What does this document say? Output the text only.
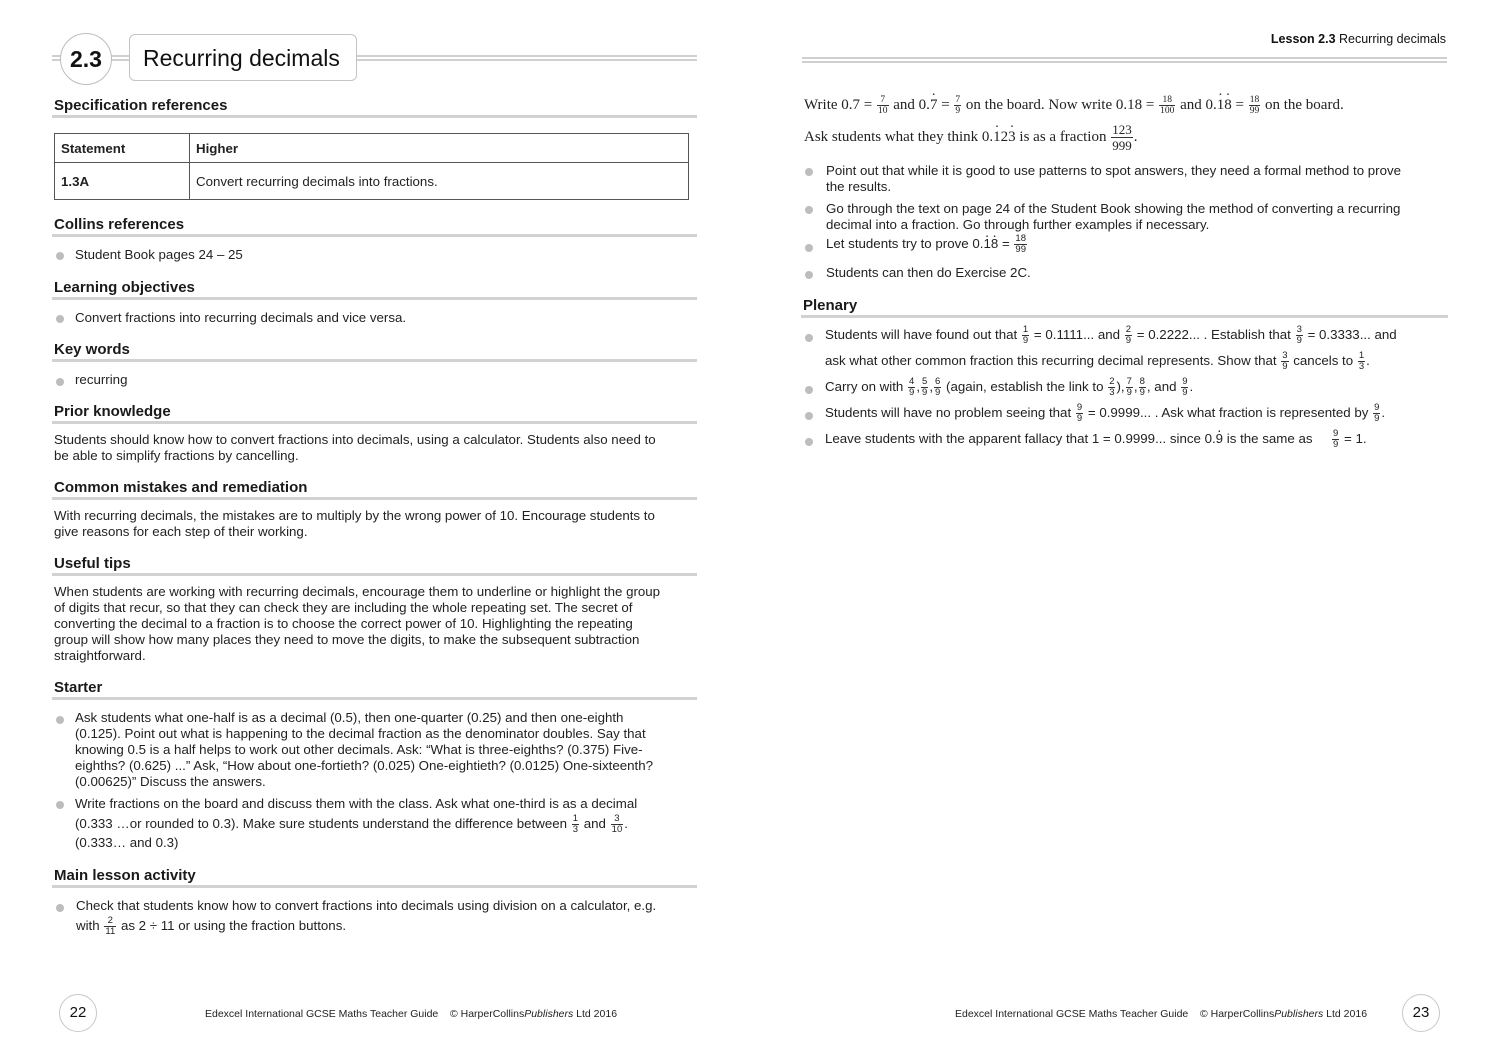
2.3	Recurring decimals
Specification references
Statement	Higher
1.3A	Convert recurring decimals into fractions.
Collins references
Student Book pages 24 – 25
Learning objectives
Convert fractions into recurring decimals and vice versa.
Key words
recurring
Prior knowledge
Students should know how to convert fractions into decimals, using a calculator. Students also need to
be able to simplify fractions by cancelling.
Common mistakes and remediation
With recurring decimals, the mistakes are to multiply by the wrong power of 10. Encourage students to
give reasons for each step of their working.
Useful tips
When students are working with recurring decimals, encourage them to underline or highlight the group
of digits that recur, so that they can check they are including the whole repeating set. The secret of
converting the decimal to a fraction is to choose the correct power of 10. Highlighting the repeating
group will show how many places they need to move the digits, to make the subsequent subtraction
straightforward.
Starter
Ask students what one-half is as a decimal (0.5), then one-quarter (0.25) and then one-eighth
(0.125). Point out what is happening to the decimal fraction as the denominator doubles. Say that
knowing 0.5 is a half helps to work out other decimals. Ask: “What is three-eighths? (0.375) Five-
eighths? (0.625) ...” Ask, “How about one-fortieth? (0.025) One-eightieth? (0.0125) One-sixteenth?
(0.00625)” Discuss the answers.
Write fractions on the board and discuss them with the class. Ask what one-third is as a decimal
(0.333 …or rounded to 0.3). Make sure students understand the difference between $\frac{1}{3}$ and $\frac{3}{10}$ .
(0.333… and 0.3)
Main lesson activity
Check that students know how to convert fractions into decimals using division on a calculator, e.g.
with $\frac{2}{11}$ as 2 ÷ 11 or using the fraction buttons.
22	Edexcel International GCSE Maths Teacher Guide © HarperCollinsPublishers Ltd 2016
Lesson 2.3 Recurring decimals
Write $0.7 = \frac{7}{10}$ and 0.7 · = $\frac{7}{9}$ on the board. Now write $0.18 = \frac{18}{100}$ and 0.1 ·8 · = $\frac{18}{99}$ on the board.
Ask students what they think 0.1 ·23 · is as a fraction $\frac{123}{999}$ .
Point out that while it is good to use patterns to spot answers, they need a formal method to prove
the results.
Go through the text on page 24 of the Student Book showing the method of converting a recurring
decimal into a fraction. Go through further examples if necessary.
Let students try to prove 0.1 ·8 · = $\frac{18}{99}$
Students can then do Exercise 2C.
Plenary
Students will have found out that $\frac{1}{9} = 0.1111$... and $\frac{2}{9} = 0.2222$... . Establish that $\frac{3}{9} = 0.3333$... and
ask what other common fraction this recurring decimal represents. Show that $\frac{3}{9}$ cancels to $\frac{1}{3}$ .
Carry on with $\frac{4}{9}$ , $\frac{5}{9}$ , $\frac{6}{9}$ (again, establish the link to $\frac{2}{3}$ ), $\frac{7}{9}$ , $\frac{8}{9}$ , and $\frac{9}{9}$ .
Students will have no problem seeing that $\frac{9}{9} = 0.9999$... . Ask what fraction is represented by $\frac{9}{9}$ .
Leave students with the apparent fallacy that 1 = 0.9999... since 0.9 · is the same as $\frac{9}{9} = 1$.
Edexcel International GCSE Maths Teacher Guide © HarperCollinsPublishers Ltd 2016	23
